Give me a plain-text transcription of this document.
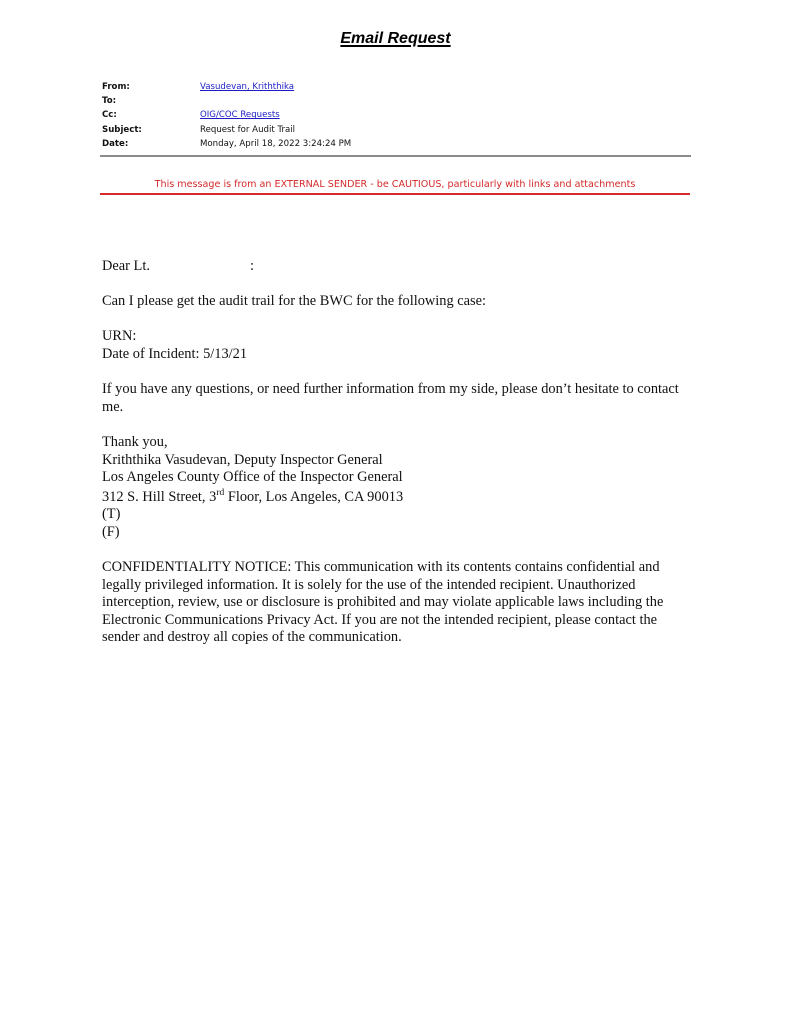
Email Request
From:	Vasudevan, Kriththika
To:
Cc:	OIG/COC Requests
Subject:	Request for Audit Trail
Date:	Monday, April 18, 2022 3:24:24 PM
This message is from an EXTERNAL SENDER - be CAUTIOUS, particularly with links and attachments

Dear Lt.	:

Can I please get the audit trail for the BWC for the following case:

URN:
Date of Incident: 5/13/21

If you have any questions, or need further information from my side, please don’t hesitate to contact me.

Thank you,
Kriththika Vasudevan, Deputy Inspector General
Los Angeles County Office of the Inspector General
312 S. Hill Street, 3rd Floor, Los Angeles, CA 90013
(T)
(F)

CONFIDENTIALITY NOTICE: This communication with its contents contains confidential and legally privileged information. It is solely for the use of the intended recipient. Unauthorized interception, review, use or disclosure is prohibited and may violate applicable laws including the Electronic Communications Privacy Act. If you are not the intended recipient, please contact the sender and destroy all copies of the communication.
